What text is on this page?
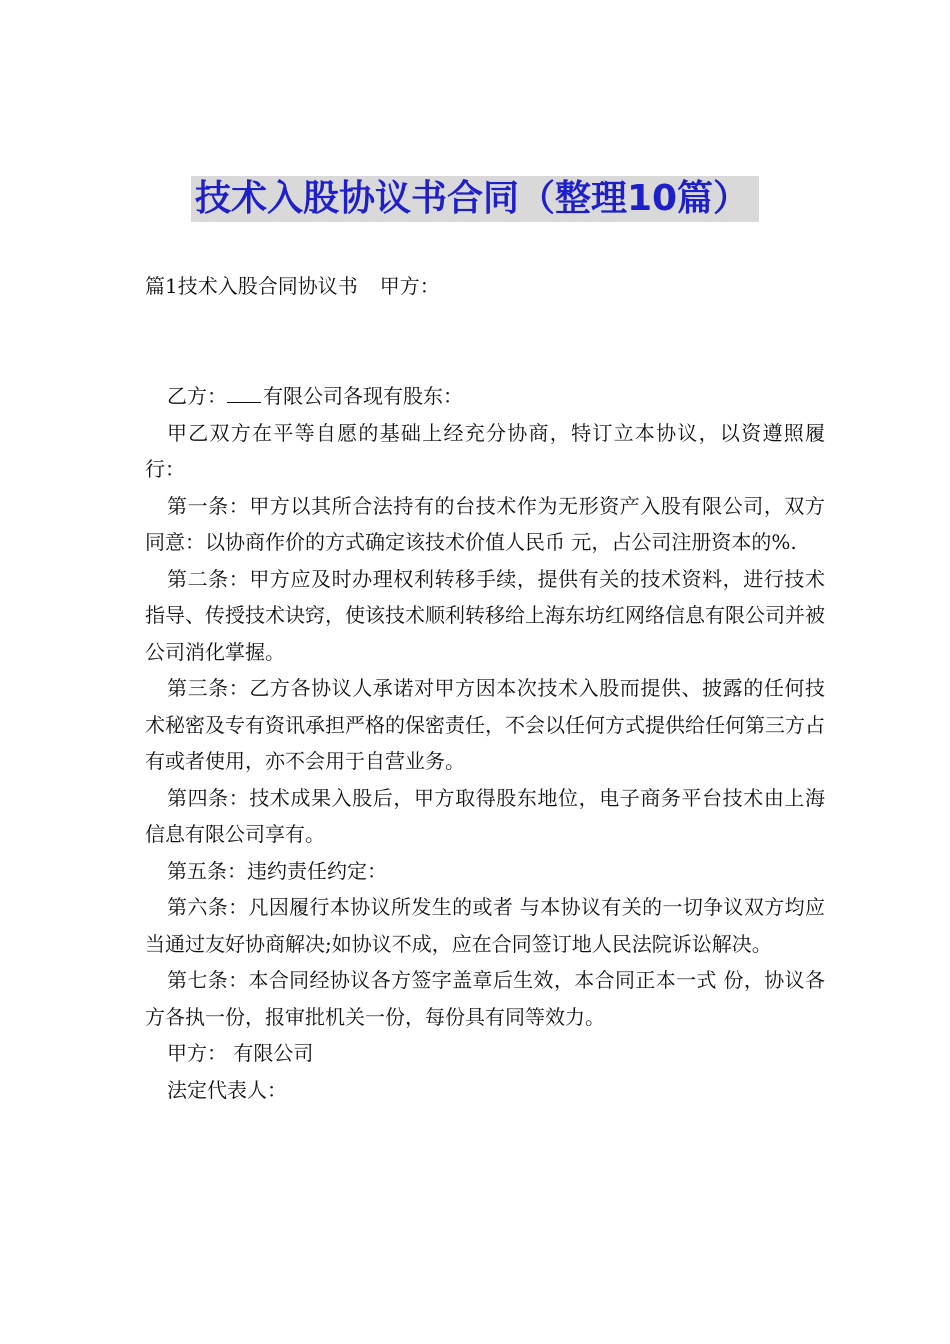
技术入股协议书合同（整理10篇）
篇1技术入股合同协议书 甲方：

乙方： 有限公司各现有股东：

甲乙双方在平等自愿的基础上经充分协商，特订立本协议，以资遵照履行：

第一条：甲方以其所合法持有的台技术作为无形资产入股有限公司，双方同意：以协商作价的方式确定该技术价值人民币 元，占公司注册资本的%.

第二条：甲方应及时办理权利转移手续，提供有关的技术资料，进行技术指导、传授技术诀窍，使该技术顺利转移给上海东坊红网络信息有限公司并被公司消化掌握。

第三条：乙方各协议人承诺对甲方因本次技术入股而提供、披露的任何技术秘密及专有资讯承担严格的保密责任，不会以任何方式提供给任何第三方占有或者使用，亦不会用于自营业务。

第四条：技术成果入股后，甲方取得股东地位，电子商务平台技术由上海 信息有限公司享有。

第五条：违约责任约定：

第六条：凡因履行本协议所发生的或者 与本协议有关的一切争议双方均应当通过友好协商解决;如协议不成，应在合同签订地人民法院诉讼解决。

第七条：本合同经协议各方签字盖章后生效，本合同正本一式 份，协议各方各执一份，报审批机关一份，每份具有同等效力。

甲方： 有限公司

法定代表人：
